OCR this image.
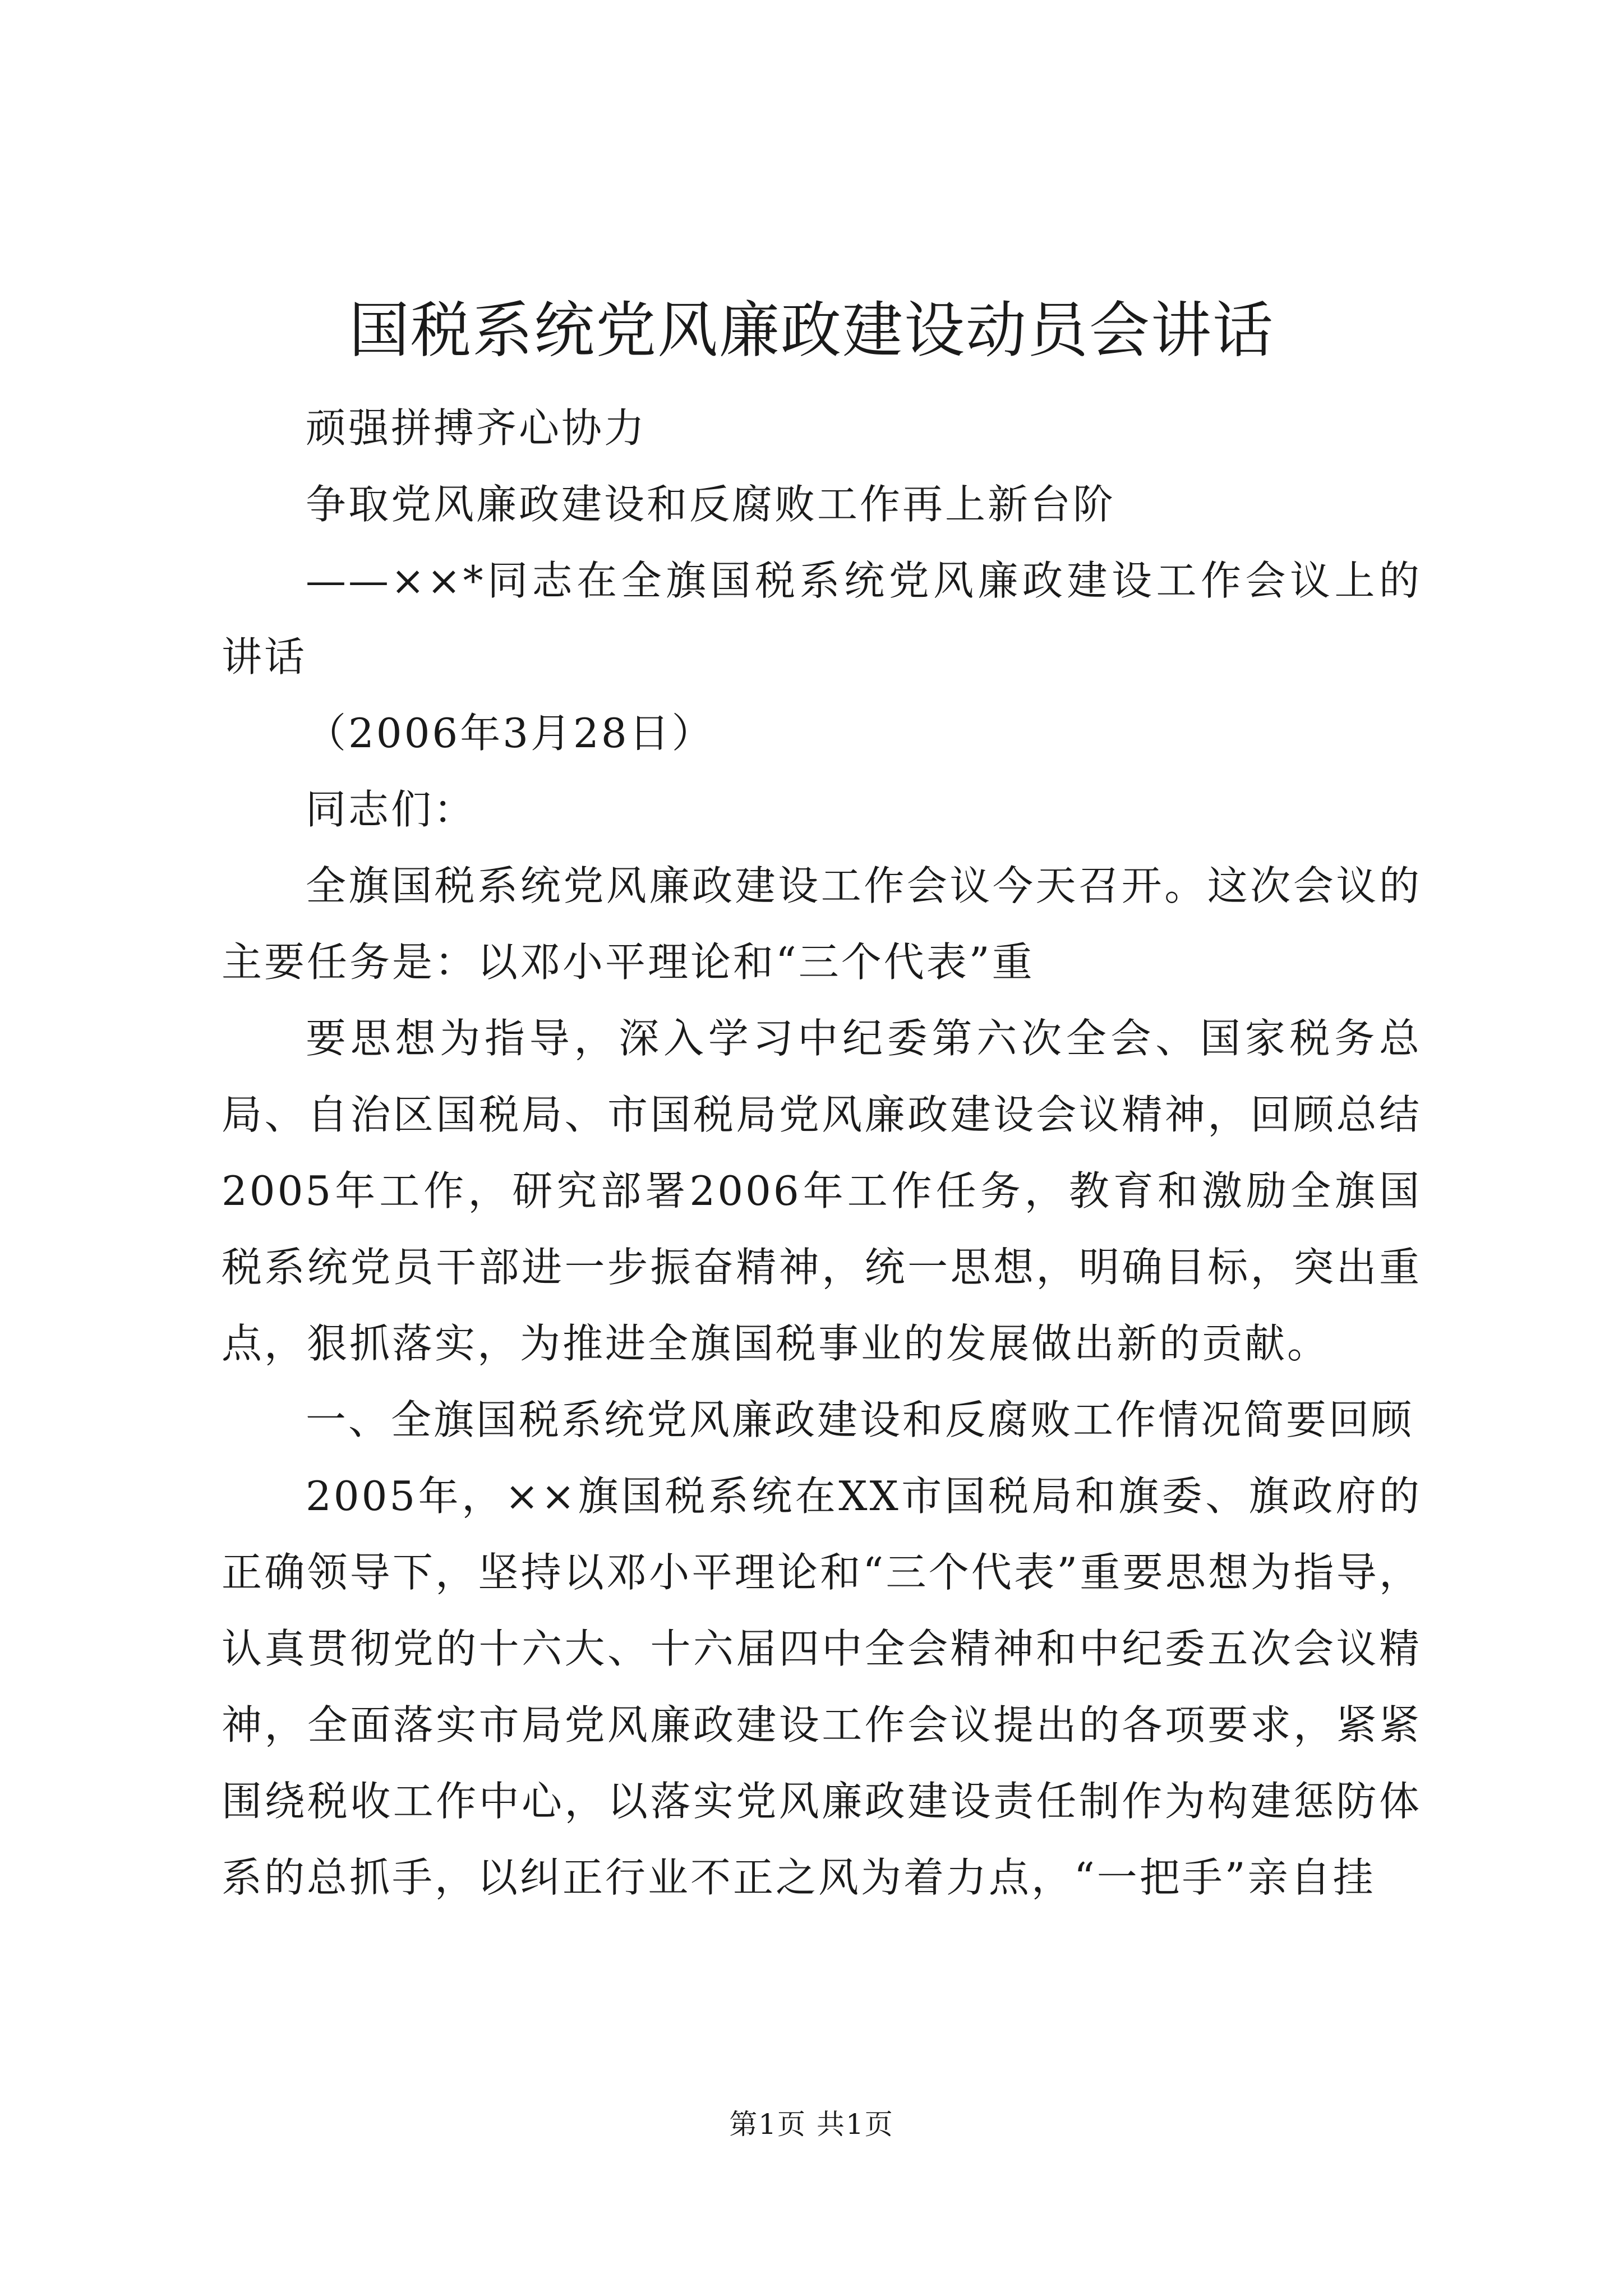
国税系统党风廉政建设动员会讲话

顽强拼搏齐心协力

争取党风廉政建设和反腐败工作再上新台阶

——××*同志在全旗国税系统党风廉政建设工作会议上的讲话

（2006年3月28日）

同志们：

全旗国税系统党风廉政建设工作会议今天召开。这次会议的主要任务是：以邓小平理论和“三个代表”重

要思想为指导，深入学习中纪委第六次全会、国家税务总局、自治区国税局、市国税局党风廉政建设会议精神，回顾总结2005年工作，研究部署2006年工作任务，教育和激励全旗国税系统党员干部进一步振奋精神，统一思想，明确目标，突出重点，狠抓落实，为推进全旗国税事业的发展做出新的贡献。

一、全旗国税系统党风廉政建设和反腐败工作情况简要回顾

2005年，××旗国税系统在XX市国税局和旗委、旗政府的正确领导下，坚持以邓小平理论和“三个代表”重要思想为指导，认真贯彻党的十六大、十六届四中全会精神和中纪委五次会议精神，全面落实市局党风廉政建设工作会议提出的各项要求，紧紧围绕税收工作中心，以落实党风廉政建设责任制作为构建惩防体系的总抓手，以纠正行业不正之风为着力点，“一把手”亲自挂

第1页 共1页
